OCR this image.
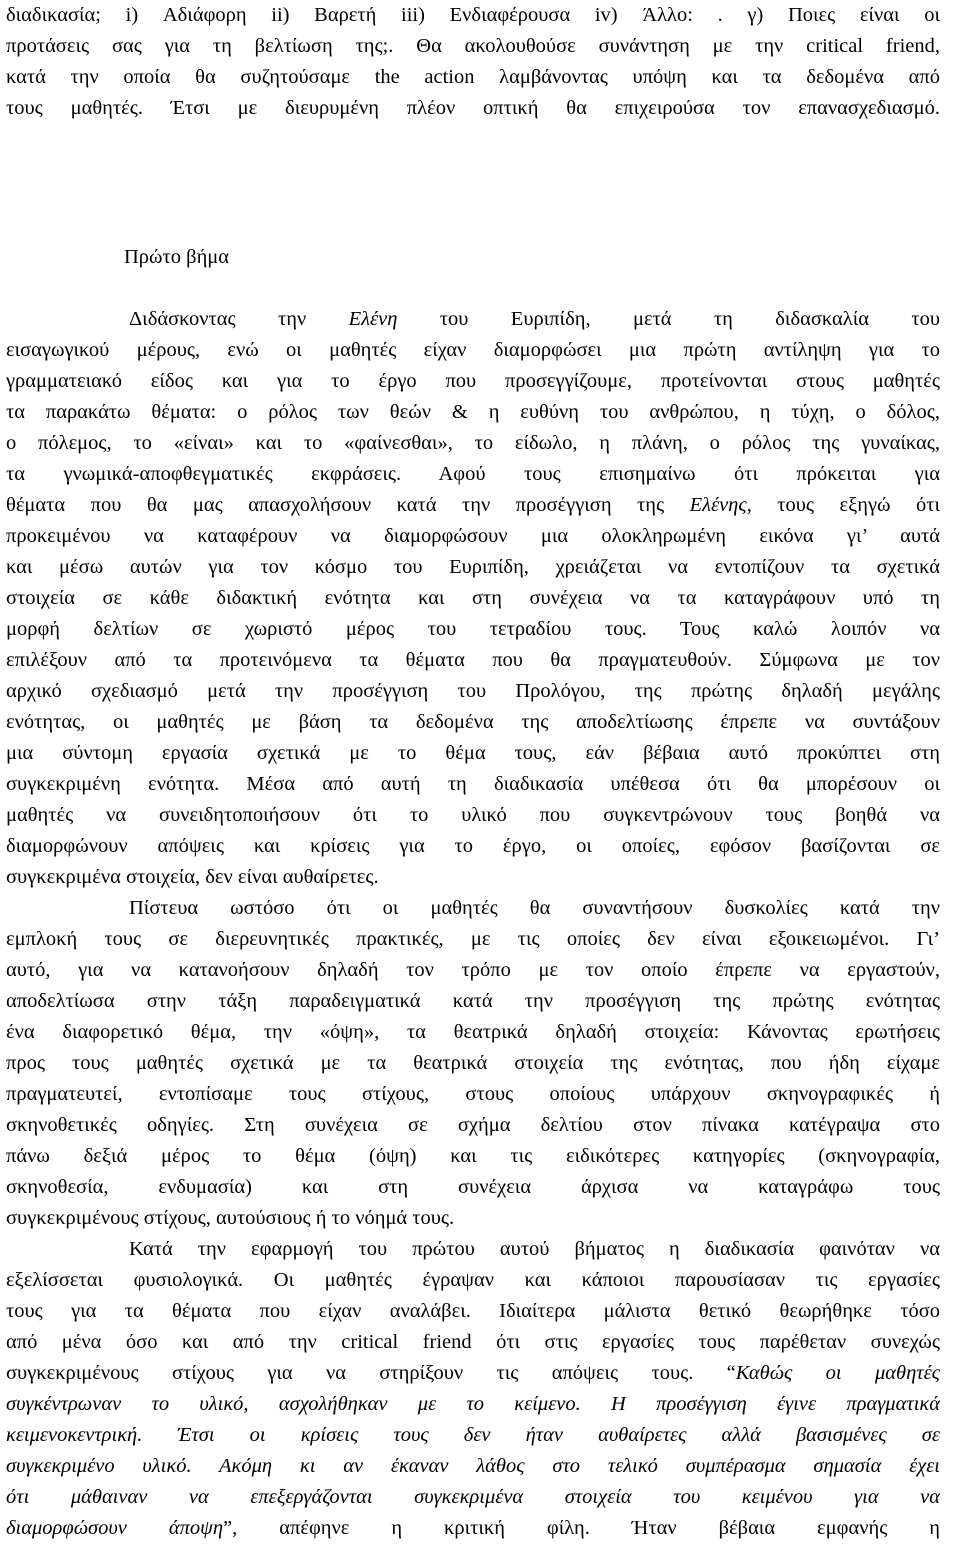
διαδικασία; i) Αδιάφορη ii) Βαρετή iii) Ενδιαφέρουσα iv) Άλλο: . γ) Ποιες είναι οι
προτάσεις σας για τη βελτίωση της;. Θα ακολουθούσε συνάντηση με την critical friend,
κατά την οποία θα συζητούσαμε the action λαμβάνοντας υπόψη και τα δεδομένα από
τους μαθητές. Έτσι με διευρυμένη πλέον οπτική θα επιχειρούσα τον επανασχεδιασμό.
Πρώτο βήμα
      Διδάσκοντας την Ελένη του Ευριπίδη, μετά τη διδασκαλία του
εισαγωγικού μέρους, ενώ οι μαθητές είχαν διαμορφώσει μια πρώτη αντίληψη για το
γραμματειακό είδος και για το έργο που προσεγγίζουμε, προτείνονται στους μαθητές
τα παρακάτω θέματα: ο ρόλος των θεών & η ευθύνη του ανθρώπου, η τύχη, ο δόλος,
ο πόλεμος, το «είναι» και το «φαίνεσθαι», το είδωλο, η πλάνη, ο ρόλος της γυναίκας,
τα γνωμικά-αποφθεγματικές εκφράσεις. Αφού τους επισημαίνω ότι πρόκειται για
θέματα που θα μας απασχολήσουν κατά την προσέγγιση της Ελένης, τους εξηγώ ότι
προκειμένου να καταφέρουν να διαμορφώσουν μια ολοκληρωμένη εικόνα γι’ αυτά
και μέσω αυτών για τον κόσμο του Ευριπίδη, χρειάζεται να εντοπίζουν τα σχετικά
στοιχεία σε κάθε διδακτική ενότητα και στη συνέχεια να τα καταγράφουν υπό τη
μορφή δελτίων σε χωριστό μέρος του τετραδίου τους. Τους καλώ λοιπόν να
επιλέξουν από τα προτεινόμενα τα θέματα που θα πραγματευθούν. Σύμφωνα με τον
αρχικό σχεδιασμό μετά την προσέγγιση του Προλόγου, της πρώτης δηλαδή μεγάλης
ενότητας, οι μαθητές με βάση τα δεδομένα της αποδελτίωσης έπρεπε να συντάξουν
μια σύντομη εργασία σχετικά με το θέμα τους, εάν βέβαια αυτό προκύπτει στη
συγκεκριμένη ενότητα. Μέσα από αυτή τη διαδικασία υπέθεσα ότι θα μπορέσουν οι
μαθητές να συνειδητοποιήσουν ότι το υλικό που συγκεντρώνουν τους βοηθά να
διαμορφώνουν απόψεις και κρίσεις για το έργο, οι οποίες, εφόσον βασίζονται σε
συγκεκριμένα στοιχεία, δεν είναι αυθαίρετες.
      Πίστευα ωστόσο ότι οι μαθητές θα συναντήσουν δυσκολίες κατά την
εμπλοκή τους σε διερευνητικές πρακτικές, με τις οποίες δεν είναι εξοικειωμένοι. Γι’
αυτό, για να κατανοήσουν δηλαδή τον τρόπο με τον οποίο έπρεπε να εργαστούν,
αποδελτίωσα στην τάξη παραδειγματικά κατά την προσέγγιση της πρώτης ενότητας
ένα διαφορετικό θέμα, την «όψη», τα θεατρικά δηλαδή στοιχεία: Κάνοντας ερωτήσεις
προς τους μαθητές σχετικά με τα θεατρικά στοιχεία της ενότητας, που ήδη είχαμε
πραγματευτεί, εντοπίσαμε τους στίχους, στους οποίους υπάρχουν σκηνογραφικές ή
σκηνοθετικές οδηγίες. Στη συνέχεια σε σχήμα δελτίου στον πίνακα κατέγραψα στο
πάνω δεξιά μέρος το θέμα (όψη) και τις ειδικότερες κατηγορίες (σκηνογραφία,
σκηνοθεσία, ενδυμασία) και στη συνέχεια άρχισα να καταγράφω τους
συγκεκριμένους στίχους, αυτούσιους ή το νόημά τους.
      Κατά την εφαρμογή του πρώτου αυτού βήματος η διαδικασία φαινόταν να
εξελίσσεται φυσιολογικά. Οι μαθητές έγραψαν και κάποιοι παρουσίασαν τις εργασίες
τους για τα θέματα που είχαν αναλάβει. Ιδιαίτερα μάλιστα θετικό θεωρήθηκε τόσο
από μένα όσο και από την critical friend ότι στις εργασίες τους παρέθεταν συνεχώς
συγκεκριμένους στίχους για να στηρίξουν τις απόψεις τους. “Καθώς οι μαθητές
συγκέντρωναν το υλικό, ασχολήθηκαν με το κείμενο. Η προσέγγιση έγινε πραγματικά
κειμενοκεντρική. Έτσι οι κρίσεις τους δεν ήταν αυθαίρετες αλλά βασισμένες σε
συγκεκριμένο υλικό. Ακόμη κι αν έκαναν λάθος στο τελικό συμπέρασμα σημασία έχει
ότι μάθαιναν να επεξεργάζονται συγκεκριμένα στοιχεία του κειμένου για να
διαμορφώσουν άποψη”, απέφηνε η κριτική φίλη. Ήταν βέβαια εμφανής η
